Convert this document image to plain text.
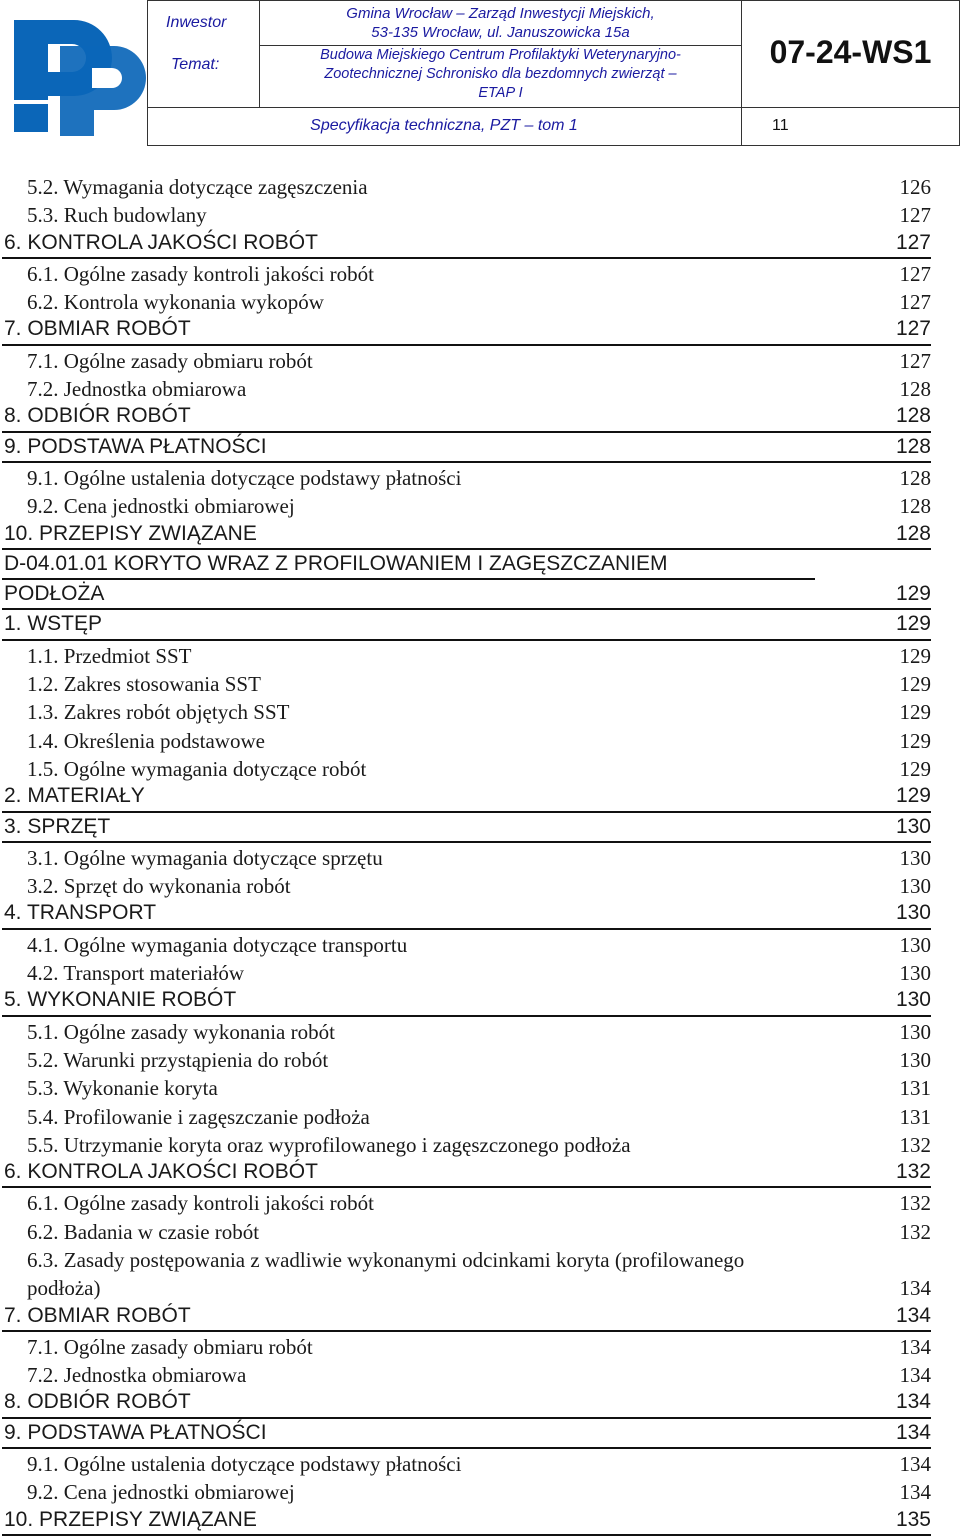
Inwestor
Temat:
Gmina Wrocław – Zarząd Inwestycji Miejskich,
53-135 Wrocław, ul. Januszowicka 15a
Budowa Miejskiego Centrum Profilaktyki Weterynaryjno-
Zootechnicznej Schronisko dla bezdomnych zwierząt –
ETAP I
07-24-WS1
Specyfikacja techniczna, PZT – tom 1	11
5.2. Wymagania dotyczące zagęszczenia	126
5.3. Ruch budowlany	127
6. KONTROLA JAKOŚCI ROBÓT	127
6.1. Ogólne zasady kontroli jakości robót	127
6.2. Kontrola wykonania wykopów	127
7. OBMIAR ROBÓT	127
7.1. Ogólne zasady obmiaru robót	127
7.2. Jednostka obmiarowa	128
8. ODBIÓR ROBÓT	128
9. PODSTAWA PŁATNOŚCI	128
9.1. Ogólne ustalenia dotyczące podstawy płatności	128
9.2. Cena jednostki obmiarowej	128
10. PRZEPISY ZWIĄZANE	128
D-04.01.01 KORYTO WRAZ Z PROFILOWANIEM I ZAGĘSZCZANIEM
PODŁOŻA	129
1. WSTĘP	129
1.1. Przedmiot SST	129
1.2. Zakres stosowania SST	129
1.3. Zakres robót objętych SST	129
1.4. Określenia podstawowe	129
1.5. Ogólne wymagania dotyczące robót	129
2. MATERIAŁY	129
3. SPRZĘT	130
3.1. Ogólne wymagania dotyczące sprzętu	130
3.2. Sprzęt do wykonania robót	130
4. TRANSPORT	130
4.1. Ogólne wymagania dotyczące transportu	130
4.2. Transport materiałów	130
5. WYKONANIE ROBÓT	130
5.1. Ogólne zasady wykonania robót	130
5.2. Warunki przystąpienia do robót	130
5.3. Wykonanie koryta	131
5.4. Profilowanie i zagęszczanie podłoża	131
5.5. Utrzymanie koryta oraz wyprofilowanego i zagęszczonego podłoża	132
6. KONTROLA JAKOŚCI ROBÓT	132
6.1. Ogólne zasady kontroli jakości robót	132
6.2. Badania w czasie robót	132
6.3. Zasady postępowania z wadliwie wykonanymi odcinkami koryta (profilowanego
podłoża)	134
7. OBMIAR ROBÓT	134
7.1. Ogólne zasady obmiaru robót	134
7.2. Jednostka obmiarowa	134
8. ODBIÓR ROBÓT	134
9. PODSTAWA PŁATNOŚCI	134
9.1. Ogólne ustalenia dotyczące podstawy płatności	134
9.2. Cena jednostki obmiarowej	134
10. PRZEPISY ZWIĄZANE	135
